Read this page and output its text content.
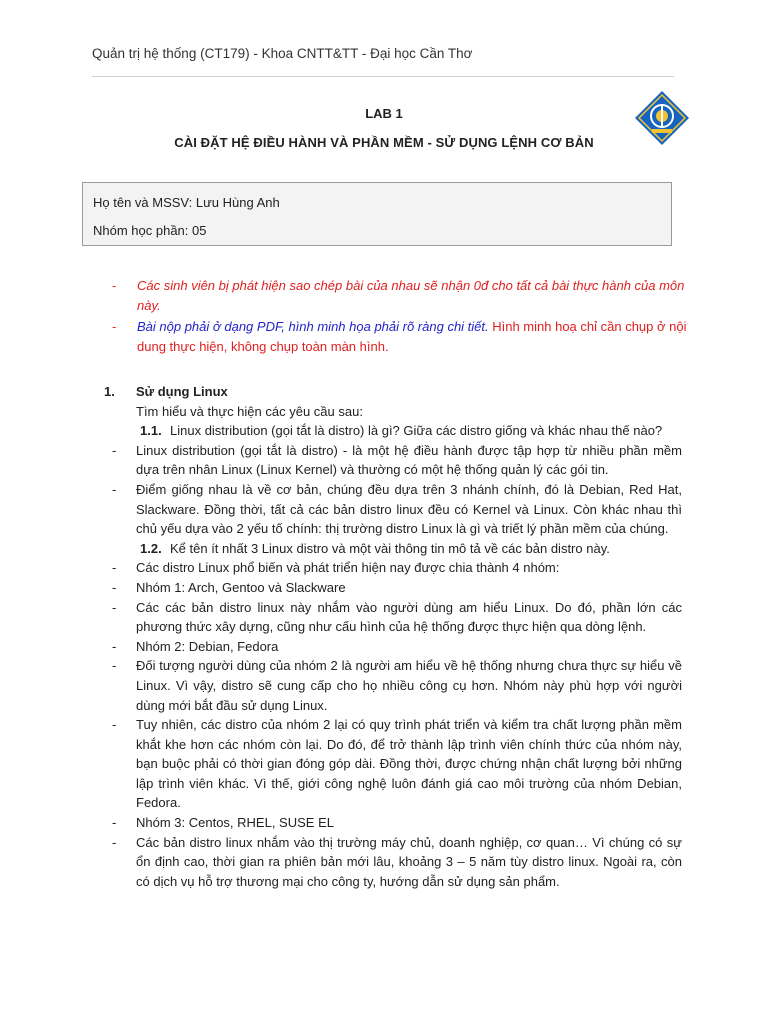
Quản trị hệ thống (CT179) - Khoa CNTT&TT - Đại học Cần Thơ
LAB 1
CÀI ĐẶT HỆ ĐIỀU HÀNH VÀ PHẦN MỀM - SỬ DỤNG LỆNH CƠ BẢN
Họ tên và MSSV: Lưu Hùng Anh
Nhóm học phần: 05
- Các sinh viên bị phát hiện sao chép bài của nhau sẽ nhận 0đ cho tất cả bài thực hành của môn này.
- Bài nộp phải ở dạng PDF, hình minh họa phải rõ ràng chi tiết. Hình minh hoạ chỉ cần chụp ở nội dung thực hiện, không chụp toàn màn hình.
1. Sử dụng Linux
Tìm hiểu và thực hiện các yêu cầu sau:
1.1. Linux distribution (gọi tắt là distro) là gì? Giữa các distro giống và khác nhau thế nào?
- Linux distribution (gọi tắt là distro) - là một hệ điều hành được tập hợp từ nhiều phần mềm dựa trên nhân Linux (Linux Kernel) và thường có một hệ thống quản lý các gói tin.
- Điểm giống nhau là về cơ bản, chúng đều dựa trên 3 nhánh chính, đó là Debian, Red Hat, Slackware. Đồng thời, tất cả các bản distro linux đều có Kernel và Linux. Còn khác nhau thì chủ yếu dựa vào 2 yếu tố chính: thị trường distro Linux là gì và triết lý phần mềm của chúng.
1.2. Kể tên ít nhất 3 Linux distro và một vài thông tin mô tả về các bản distro này.
- Các distro Linux phổ biến và phát triển hiện nay được chia thành 4 nhóm:
- Nhóm 1: Arch, Gentoo và Slackware
- Các các bản distro linux này nhắm vào người dùng am hiểu Linux. Do đó, phần lớn các phương thức xây dựng, cũng như cấu hình của hệ thống được thực hiện qua dòng lệnh.
- Nhóm 2: Debian, Fedora
- Đối tượng người dùng của nhóm 2 là người am hiểu về hệ thống nhưng chưa thực sự hiểu về Linux. Vì vậy, distro sẽ cung cấp cho họ nhiều công cụ hơn. Nhóm này phù hợp với người dùng mới bắt đầu sử dụng Linux.
- Tuy nhiên, các distro của nhóm 2 lại có quy trình phát triển và kiểm tra chất lượng phần mềm khắt khe hơn các nhóm còn lại. Do đó, để trở thành lập trình viên chính thức của nhóm này, bạn buộc phải có thời gian đóng góp dài. Đồng thời, được chứng nhận chất lượng bởi những lập trình viên khác. Vì thế, giới công nghệ luôn đánh giá cao môi trường của nhóm Debian, Fedora.
- Nhóm 3: Centos, RHEL, SUSE EL
- Các bản distro linux nhắm vào thị trường máy chủ, doanh nghiệp, cơ quan… Vì chúng có sự ổn định cao, thời gian ra phiên bản mới lâu, khoảng 3 – 5 năm tùy distro linux. Ngoài ra, còn có dịch vụ hỗ trợ thương mại cho công ty, hướng dẫn sử dụng sản phẩm.
